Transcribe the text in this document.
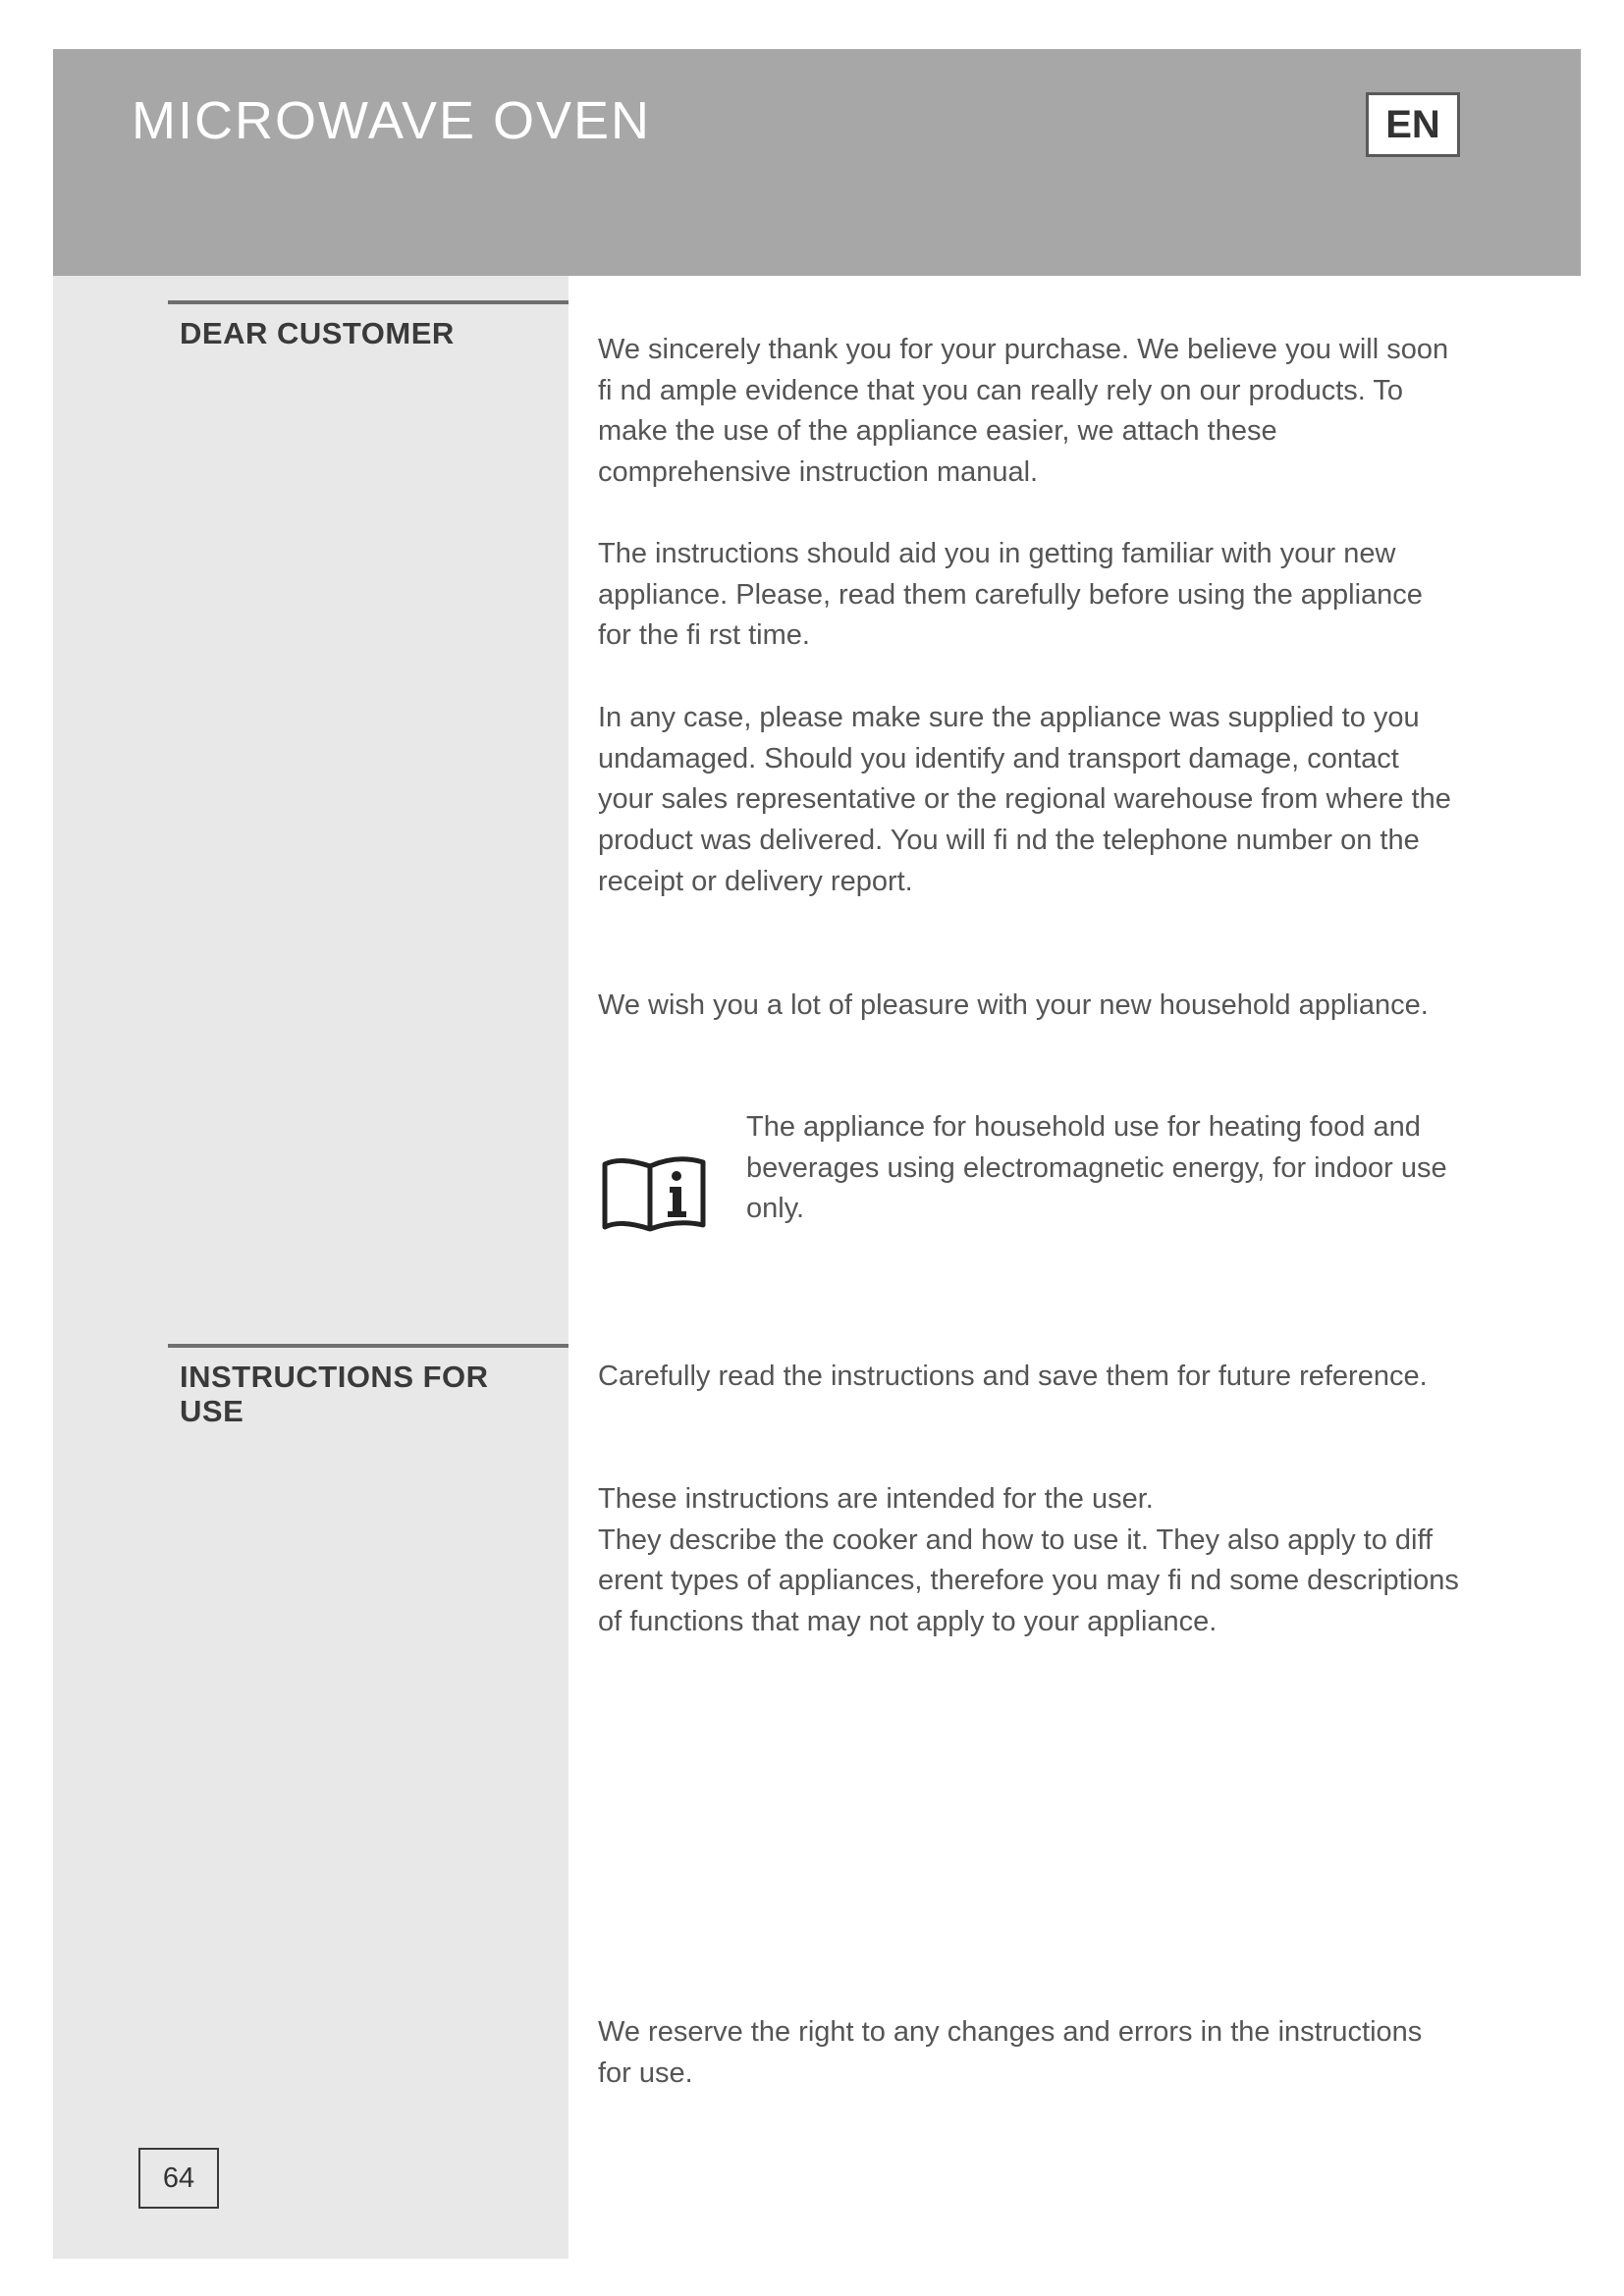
MICROWAVE OVEN	EN
DEAR CUSTOMER	We sincerely thank you for your purchase. We believe you will soon fi nd ample evidence that you can really rely on our products. To make the use of the appliance easier, we attach these comprehensive instruction manual.

The instructions should aid you in getting familiar with your new appliance. Please, read them carefully before using the appliance for the fi rst time.

In any case, please make sure the appliance was supplied to you undamaged. Should you identify and transport damage, contact your sales representative or the regional warehouse from where the product was delivered. You will fi nd the telephone number on the receipt or delivery report.

We wish you a lot of pleasure with your new household appliance.

The appliance for household use for heating food and beverages using electromagnetic energy, for indoor use only.
INSTRUCTIONS FOR USE

Carefully read the instructions and save them for future reference.

These instructions are intended for the user.

They describe the cooker and how to use it. They also apply to diff erent types of appliances, therefore you may fi nd some descriptions of functions that may not apply to your appliance.

We reserve the right to any changes and errors in the instructions for use.

64
